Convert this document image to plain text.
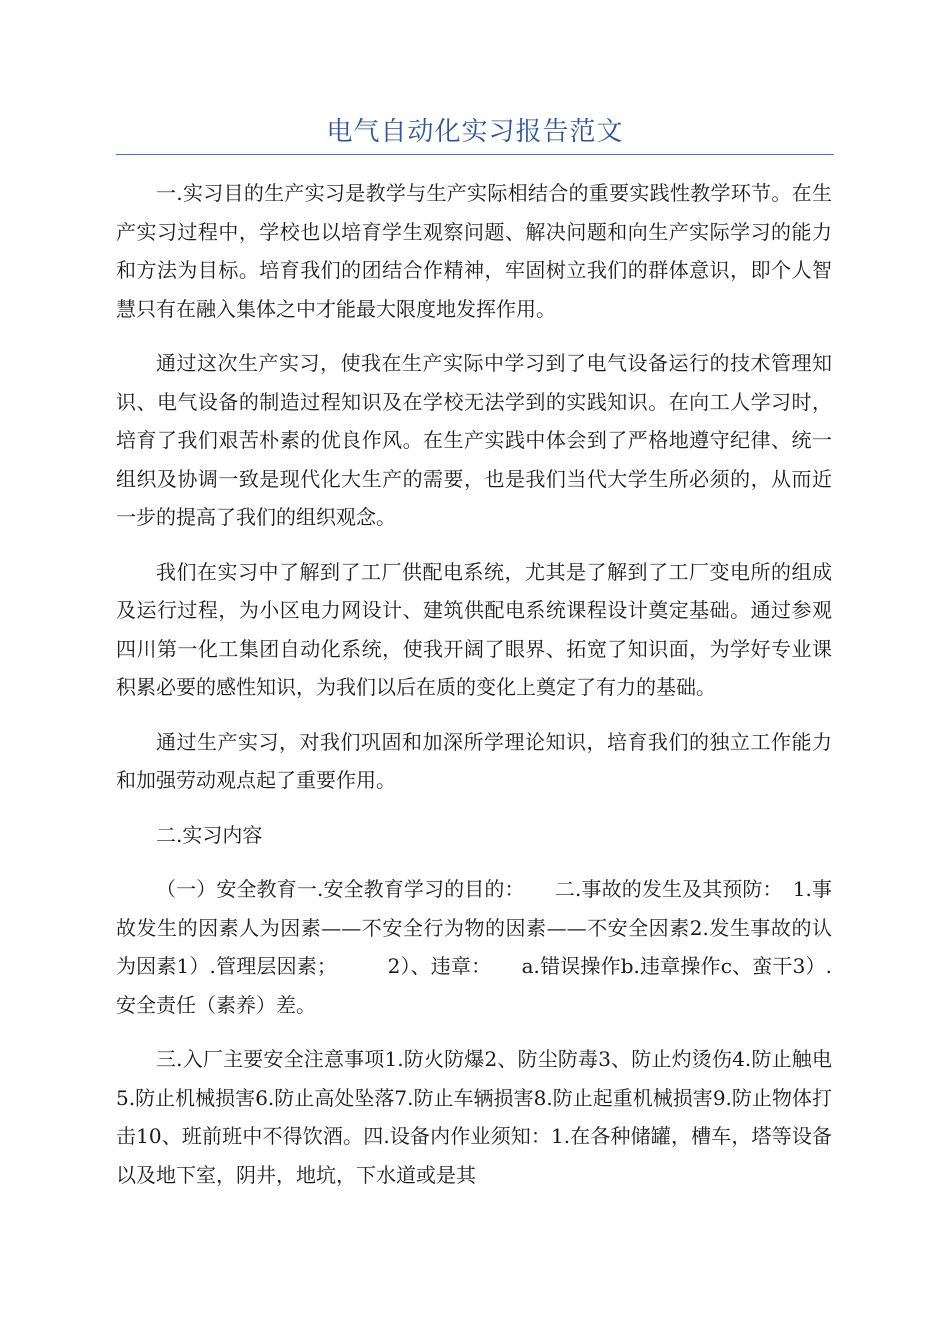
电气自动化实习报告范文

一.实习目的生产实习是教学与生产实际相结合的重要实践性教学环节。在生产实习过程中，学校也以培育学生观察问题、解决问题和向生产实际学习的能力和方法为目标。培育我们的团结合作精神，牢固树立我们的群体意识，即个人智慧只有在融入集体之中才能最大限度地发挥作用。

通过这次生产实习，使我在生产实际中学习到了电气设备运行的技术管理知识、电气设备的制造过程知识及在学校无法学到的实践知识。在向工人学习时，培育了我们艰苦朴素的优良作风。在生产实践中体会到了严格地遵守纪律、统一组织及协调一致是现代化大生产的需要，也是我们当代大学生所必须的，从而近一步的提高了我们的组织观念。

我们在实习中了解到了工厂供配电系统，尤其是了解到了工厂变电所的组成及运行过程，为小区电力网设计、建筑供配电系统课程设计奠定基础。通过参观四川第一化工集团自动化系统，使我开阔了眼界、拓宽了知识面，为学好专业课积累必要的感性知识，为我们以后在质的变化上奠定了有力的基础。

通过生产实习，对我们巩固和加深所学理论知识，培育我们的独立工作能力和加强劳动观点起了重要作用。

二.实习内容

（一）安全教育一.安全教育学习的目的：　　二.事故的发生及其预防：　1.事故发生的因素人为因素——不安全行为物的因素——不安全因素2.发生事故的认为因素1）.管理层因素；　　　2）、违章：　　a.错误操作b.违章操作c、蛮干3）.安全责任（素养）差。

三.入厂主要安全注意事项1.防火防爆2、防尘防毒3、防止灼烫伤4.防止触电5.防止机械损害6.防止高处坠落7.防止车辆损害8.防止起重机械损害9.防止物体打击10、班前班中不得饮酒。四.设备内作业须知：1.在各种储罐，槽车，塔等设备以及地下室，阴井，地坑，下水道或是其
